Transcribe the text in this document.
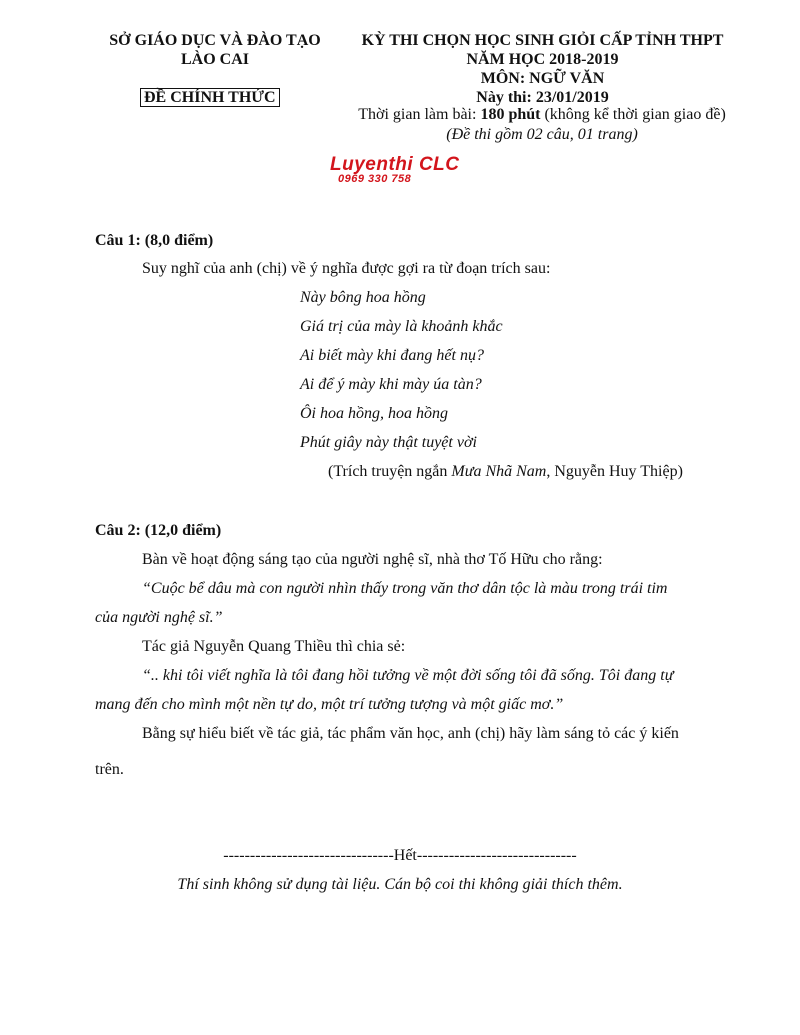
SỞ GIÁO DỤC VÀ ĐÀO TẠO
LÀO CAI
ĐỀ CHÍNH THỨC
KỲ THI CHỌN HỌC SINH GIỎI CẤP TỈNH THPT
NĂM HỌC 2018-2019
MÔN: NGỮ VĂN
Này thi: 23/01/2019
Thời gian làm bài: 180 phút (không kể thời gian giao đề)
(Đề thi gồm 02 câu, 01 trang)
Luyenthi CLC
0969 330 758
Câu 1: (8,0 điểm)
Suy nghĩ của anh (chị) về ý nghĩa được gợi ra từ đoạn trích sau:
Này bông hoa hồng
Giá trị của mày là khoảnh khắc
Ai biết mày khi đang hết nụ?
Ai để ý mày khi mày úa tàn?
Ôi hoa hồng, hoa hồng
Phút giây này thật tuyệt vời
(Trích truyện ngắn Mưa Nhã Nam, Nguyễn Huy Thiệp)
Câu 2: (12,0 điểm)
Bàn về hoạt động sáng tạo của người nghệ sĩ, nhà thơ Tố Hữu cho rằng:
“Cuộc bể dâu mà con người nhìn thấy trong văn thơ dân tộc là màu trong trái tim
của người nghệ sĩ.”
Tác giả Nguyễn Quang Thiều thì chia sẻ:
“.. khi tôi viết nghĩa là tôi đang hồi tưởng về một đời sống tôi đã sống. Tôi đang tự
mang đến cho mình một nền tự do, một trí tưởng tượng và một giấc mơ.”
Bằng sự hiểu biết về tác giả, tác phẩm văn học, anh (chị) hãy làm sáng tỏ các ý kiến
trên.
--------------------------------Hết------------------------------
Thí sinh không sử dụng tài liệu. Cán bộ coi thi không giải thích thêm.
